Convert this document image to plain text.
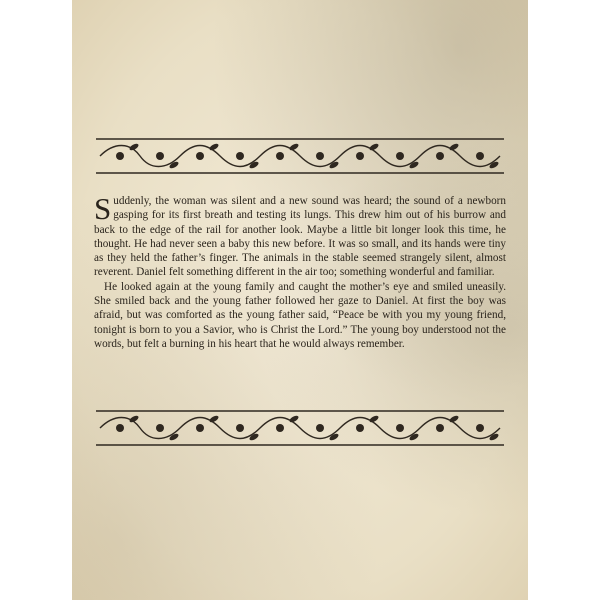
Suddenly, the woman was silent and a new sound was heard; the sound of a newborn gasping for its first breath and testing its lungs. This drew him out of his burrow and back to the edge of the rail for another look. Maybe a little bit longer look this time, he thought. He had never seen a baby this new before. It was so small, and its hands were tiny as they held the father’s finger. The animals in the stable seemed strangely silent, almost reverent. Daniel felt something different in the air too; something wonderful and familiar.

He looked again at the young family and caught the mother’s eye and smiled uneasily. She smiled back and the young father followed her gaze to Daniel. At first the boy was afraid, but was comforted as the young father said, “Peace be with you my young friend, tonight is born to you a Savior, who is Christ the Lord.” The young boy understood not the words, but felt a burning in his heart that he would always remember.
